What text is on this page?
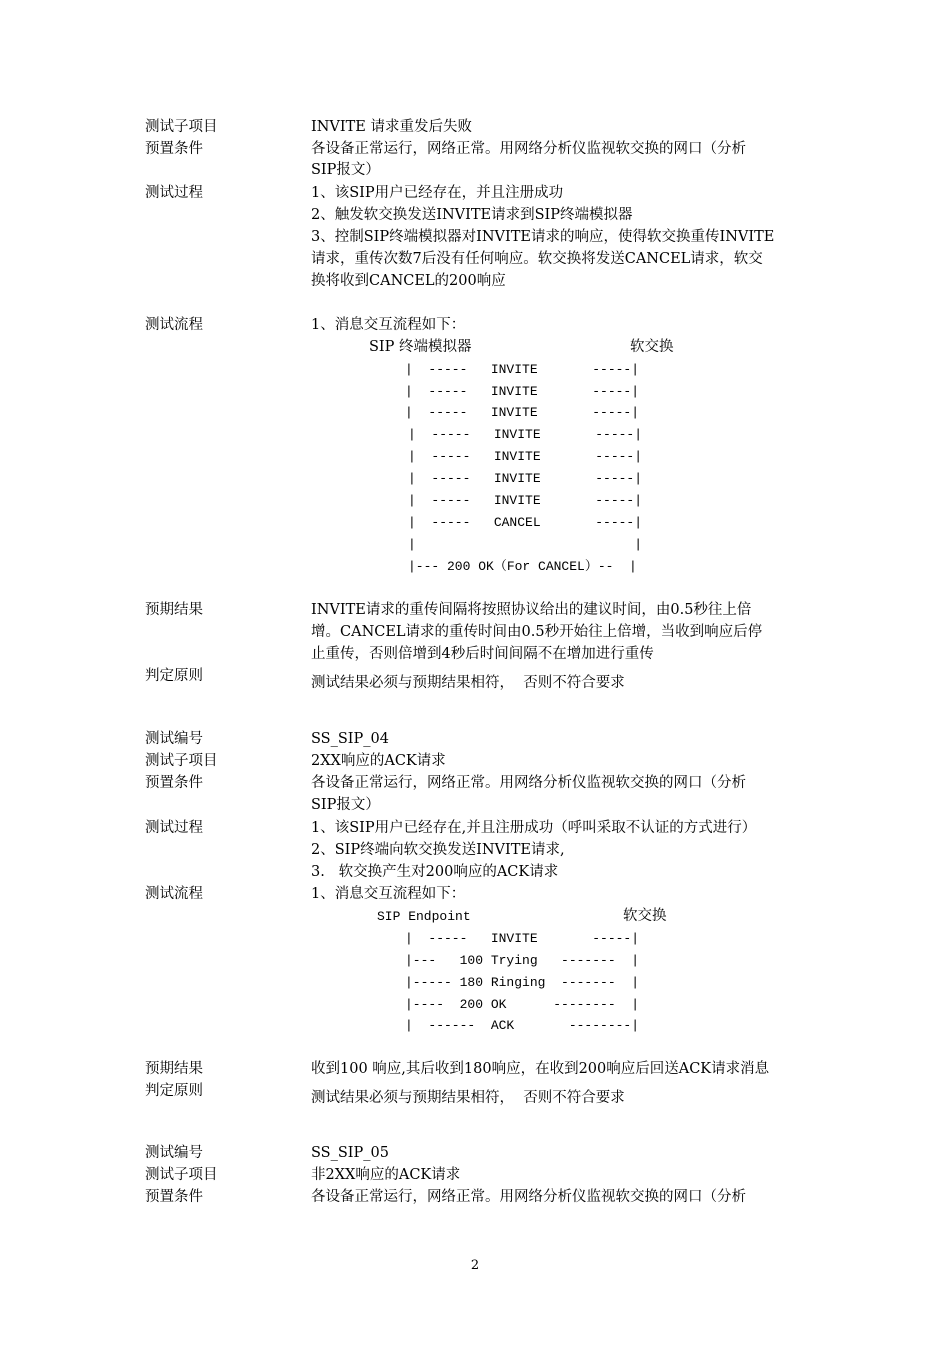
测试子项目	INVITE 请求重发后失败
预置条件	各设备正常运行，网络正常。用网络分析仪监视软交换的网口（分析
SIP报文）
测试过程	1、该SIP用户已经存在，并且注册成功
2、触发软交换发送INVITE请求到SIP终端模拟器
3、控制SIP终端模拟器对INVITE请求的响应，使得软交换重传INVITE
请求，重传次数7后没有任何响应。软交换将发送CANCEL请求，软交
换将收到CANCEL的200响应
测试流程	1、消息交互流程如下：
SIP 终端模拟器	软交换
|  -----   INVITE       -----|
|  -----   INVITE       -----|
|  -----   INVITE       -----|
|  -----   INVITE       -----|
|  -----   INVITE       -----|
|  -----   INVITE       -----|
|  -----   INVITE       -----|
|  -----   CANCEL       -----|
|                            |
|--- 200 OK（For CANCEL）--  |
预期结果	INVITE请求的重传间隔将按照协议给出的建议时间，由0.5秒往上倍
增。CANCEL请求的重传时间由0.5秒开始往上倍增，当收到响应后停
止重传，否则倍增到4秒后时间间隔不在增加进行重传
判定原则	测试结果必须与预期结果相符，  否则不符合要求
测试编号	SS_SIP_04
测试子项目	2XX响应的ACK请求
预置条件	各设备正常运行，网络正常。用网络分析仪监视软交换的网口（分析
SIP报文）
测试过程	1、该SIP用户已经存在,并且注册成功（呼叫采取不认证的方式进行）
2、SIP终端向软交换发送INVITE请求,
3.   软交换产生对200响应的ACK请求
测试流程	1、消息交互流程如下：
SIP Endpoint	软交换
|  -----   INVITE       -----|
|---   100 Trying   -------  |
|----- 180 Ringing  -------  |
|----  200 OK      --------  |
|  ------  ACK       --------|
预期结果	收到100 响应,其后收到180响应，在收到200响应后回送ACK请求消息
判定原则	测试结果必须与预期结果相符，  否则不符合要求
测试编号	SS_SIP_05
测试子项目	非2XX响应的ACK请求
预置条件	各设备正常运行，网络正常。用网络分析仪监视软交换的网口（分析
2
